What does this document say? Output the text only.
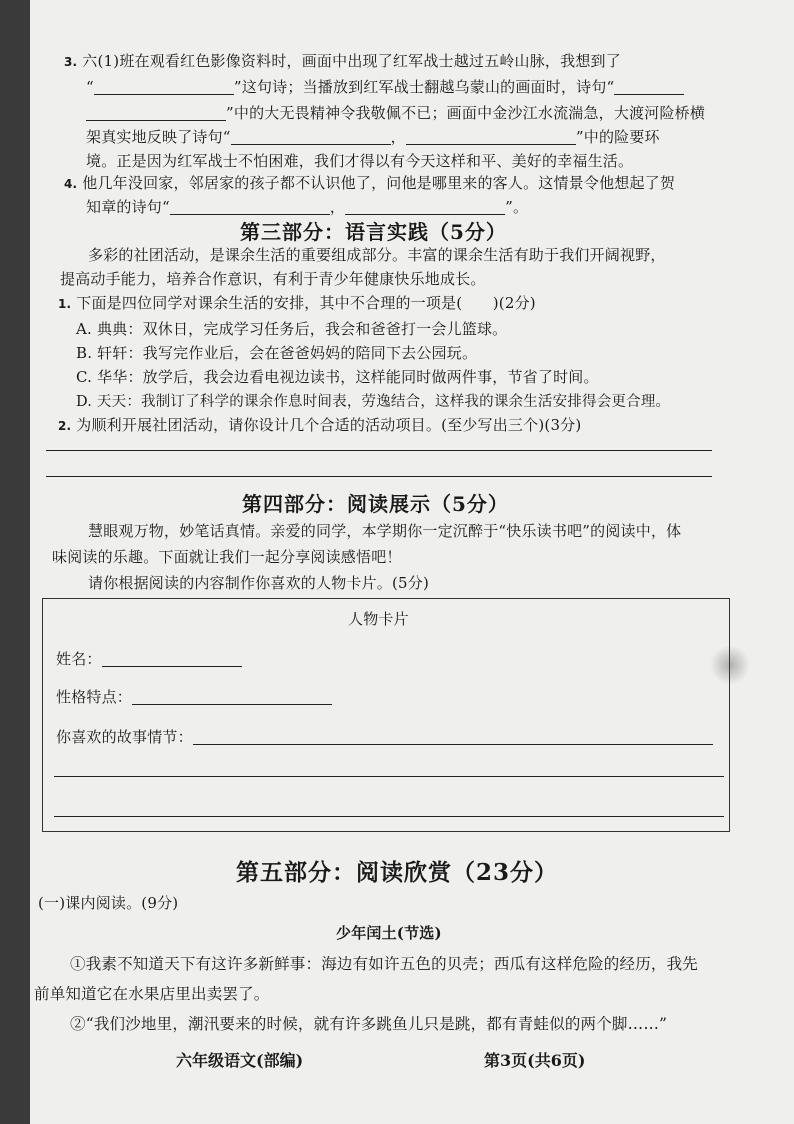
3. 六(1)班在观看红色影像资料时，画面中出现了红军战士越过五岭山脉，我想到了
“	”这句诗；当播放到红军战士翻越乌蒙山的画面时，诗句“
”中的大无畏精神令我敬佩不已；画面中金沙江水流湍急，大渡河险桥横
架真实地反映了诗句“	，	”中的险要环
境。正是因为红军战士不怕困难，我们才得以有今天这样和平、美好的幸福生活。
4. 他几年没回家，邻居家的孩子都不认识他了，问他是哪里来的客人。这情景令他想起了贺
知章的诗句“	，	”。
第三部分：语言实践（5分）
多彩的社团活动，是课余生活的重要组成部分。丰富的课余生活有助于我们开阔视野，
提高动手能力，培养合作意识，有利于青少年健康快乐地成长。
1. 下面是四位同学对课余生活的安排，其中不合理的一项是(　　)(2分)
A. 典典：双休日，完成学习任务后，我会和爸爸打一会儿篮球。
B. 轩轩：我写完作业后，会在爸爸妈妈的陪同下去公园玩。
C. 华华：放学后，我会边看电视边读书，这样能同时做两件事，节省了时间。
D. 天天：我制订了科学的课余作息时间表，劳逸结合，这样我的课余生活安排得会更合理。
2. 为顺利开展社团活动，请你设计几个合适的活动项目。(至少写出三个)(3分)
第四部分：阅读展示（5分）
慧眼观万物，妙笔话真情。亲爱的同学，本学期你一定沉醉于“快乐读书吧”的阅读中，体
味阅读的乐趣。下面就让我们一起分享阅读感悟吧！
请你根据阅读的内容制作你喜欢的人物卡片。(5分)
人物卡片
姓名：
性格特点：
你喜欢的故事情节：
第五部分：阅读欣赏（23分）
(一)课内阅读。(9分)
少年闰土(节选)
①我素不知道天下有这许多新鲜事：海边有如许五色的贝壳；西瓜有这样危险的经历，我先
前单知道它在水果店里出卖罢了。
②“我们沙地里，潮汛要来的时候，就有许多跳鱼儿只是跳，都有青蛙似的两个脚……”
六年级语文(部编)	第3页(共6页)
